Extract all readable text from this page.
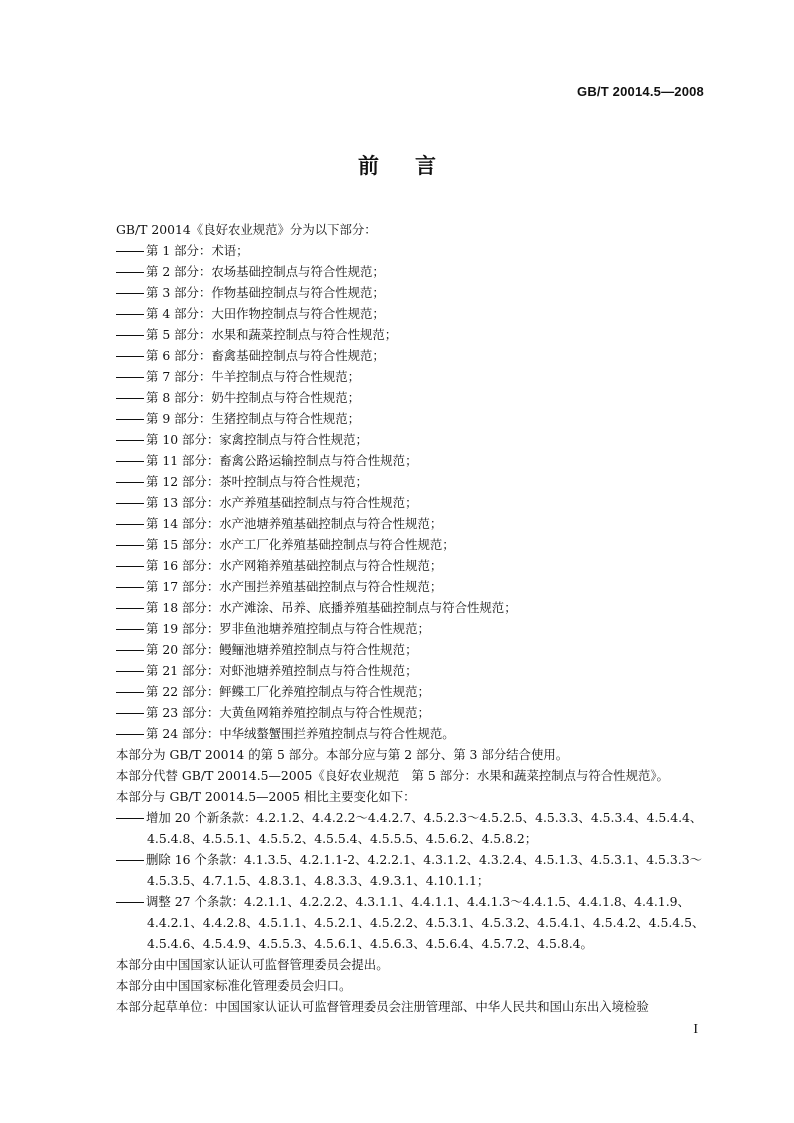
GB/T 20014.5—2008
前言
GB/T 20014《良好农业规范》分为以下部分：
第 1 部分：术语；
第 2 部分：农场基础控制点与符合性规范；
第 3 部分：作物基础控制点与符合性规范；
第 4 部分：大田作物控制点与符合性规范；
第 5 部分：水果和蔬菜控制点与符合性规范；
第 6 部分：畜禽基础控制点与符合性规范；
第 7 部分：牛羊控制点与符合性规范；
第 8 部分：奶牛控制点与符合性规范；
第 9 部分：生猪控制点与符合性规范；
第 10 部分：家禽控制点与符合性规范；
第 11 部分：畜禽公路运输控制点与符合性规范；
第 12 部分：茶叶控制点与符合性规范；
第 13 部分：水产养殖基础控制点与符合性规范；
第 14 部分：水产池塘养殖基础控制点与符合性规范；
第 15 部分：水产工厂化养殖基础控制点与符合性规范；
第 16 部分：水产网箱养殖基础控制点与符合性规范；
第 17 部分：水产围拦养殖基础控制点与符合性规范；
第 18 部分：水产滩涂、吊养、底播养殖基础控制点与符合性规范；
第 19 部分：罗非鱼池塘养殖控制点与符合性规范；
第 20 部分：鳗鲡池塘养殖控制点与符合性规范；
第 21 部分：对虾池塘养殖控制点与符合性规范；
第 22 部分：鲆鲽工厂化养殖控制点与符合性规范；
第 23 部分：大黄鱼网箱养殖控制点与符合性规范；
第 24 部分：中华绒螯蟹围拦养殖控制点与符合性规范。
本部分为 GB/T 20014 的第 5 部分。本部分应与第 2 部分、第 3 部分结合使用。
本部分代替 GB/T 20014.5—2005《良好农业规范　第 5 部分：水果和蔬菜控制点与符合性规范》。
本部分与 GB/T 20014.5—2005 相比主要变化如下：
增加 20 个新条款：4.2.1.2、4.4.2.2～4.4.2.7、4.5.2.3～4.5.2.5、4.5.3.3、4.5.3.4、4.5.4.4、
4.5.4.8、4.5.5.1、4.5.5.2、4.5.5.4、4.5.5.5、4.5.6.2、4.5.8.2；
删除 16 个条款：4.1.3.5、4.2.1.1-2、4.2.2.1、4.3.1.2、4.3.2.4、4.5.1.3、4.5.3.1、4.5.3.3～
4.5.3.5、4.7.1.5、4.8.3.1、4.8.3.3、4.9.3.1、4.10.1.1；
调整 27 个条款：4.2.1.1、4.2.2.2、4.3.1.1、4.4.1.1、4.4.1.3～4.4.1.5、4.4.1.8、4.4.1.9、
4.4.2.1、4.4.2.8、4.5.1.1、4.5.2.1、4.5.2.2、4.5.3.1、4.5.3.2、4.5.4.1、4.5.4.2、4.5.4.5、
4.5.4.6、4.5.4.9、4.5.5.3、4.5.6.1、4.5.6.3、4.5.6.4、4.5.7.2、4.5.8.4。
本部分由中国国家认证认可监督管理委员会提出。
本部分由中国国家标准化管理委员会归口。
本部分起草单位：中国国家认证认可监督管理委员会注册管理部、中华人民共和国山东出入境检验
I
